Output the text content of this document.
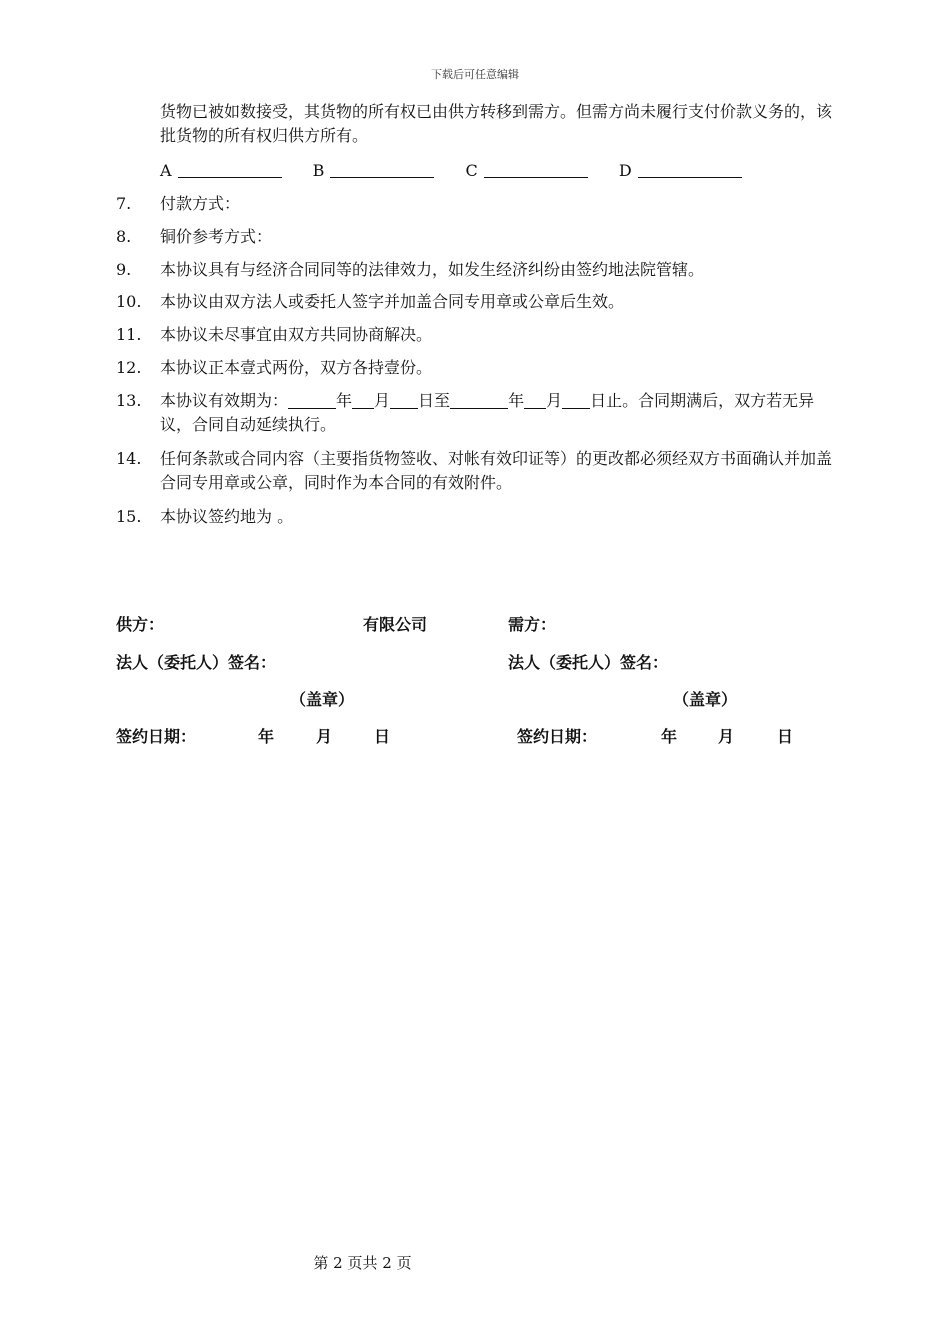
下载后可任意编辑
货物已被如数接受，其货物的所有权已由供方转移到需方。但需方尚未履行支付价款义务的，该批货物的所有权归供方所有。
A	B	C	D
7. 付款方式：
8. 铜价参考方式：
9. 本协议具有与经济合同同等的法律效力，如发生经济纠纷由签约地法院管辖。
10. 本协议由双方法人或委托人签字并加盖合同专用章或公章后生效。
11. 本协议未尽事宜由双方共同协商解决。
12. 本协议正本壹式两份，双方各持壹份。
13. 本协议有效期为：	年 月 日至	年 月 日止。合同期满后，双方若无异议，合同自动延续执行。
14. 任何条款或合同内容（主要指货物签收、对帐有效印证等）的更改都必须经双方书面确认并加盖合同专用章或公章，同时作为本合同的有效附件。
15. 本协议签约地为 。
供方：	有限公司	需方：
法人（委托人）签名：	法人（委托人）签名：
（盖章）	（盖章）
签约日期：	年	月	日	签约日期：	年	月	日
第 2 页共 2 页
